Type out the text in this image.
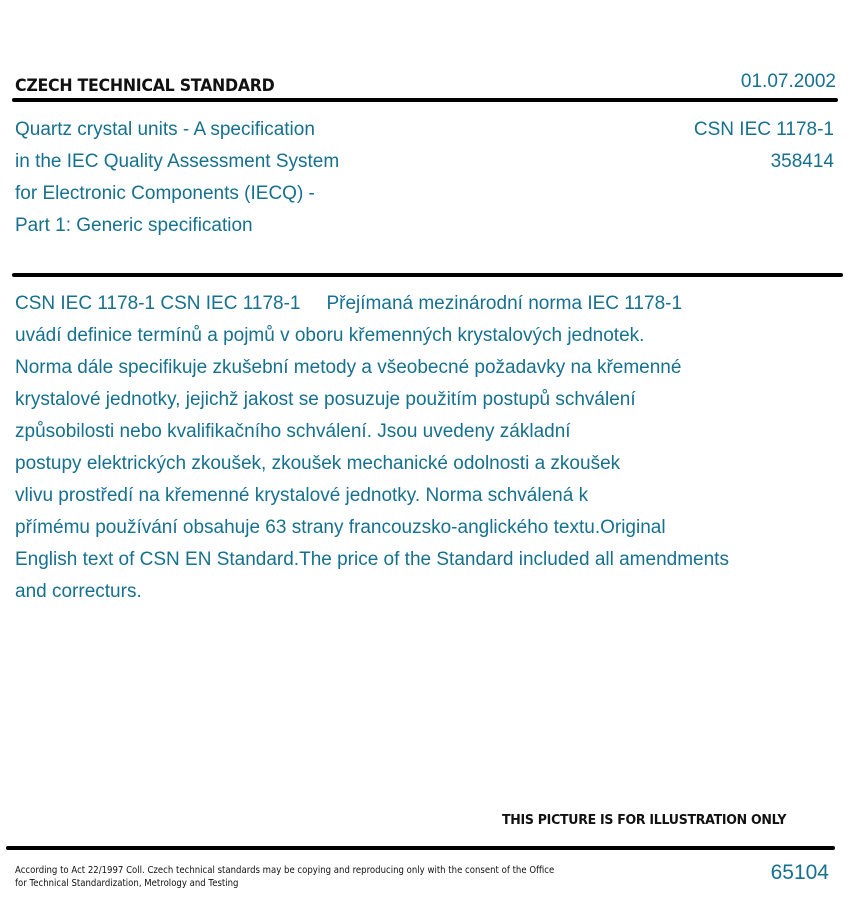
CZECH TECHNICAL STANDARD	01.07.2002
Quartz crystal units - A specification
in the IEC Quality Assessment System
for Electronic Components (IECQ) -
Part 1: Generic specification
CSN IEC 1178-1
358414
CSN IEC 1178-1 CSN IEC 1178-1 Přejímaná mezinárodní norma IEC 1178-1
uvádí definice termínů a pojmů v oboru křemenných krystalových jednotek.
Norma dále specifikuje zkušební metody a všeobecné požadavky na křemenné
krystalové jednotky, jejichž jakost se posuzuje použitím postupů schválení
způsobilosti nebo kvalifikačního schválení. Jsou uvedeny základní
postupy elektrických zkoušek, zkoušek mechanické odolnosti a zkoušek
vlivu prostředí na křemenné krystalové jednotky. Norma schválená k
přímému používání obsahuje 63 strany francouzsko-anglického textu.Original
English text of CSN EN Standard.The price of the Standard included all amendments
and correcturs.
THIS PICTURE IS FOR ILLUSTRATION ONLY
According to Act 22/1997 Coll. Czech technical standards may be copying and reproducing only with the consent of the Office
for Technical Standardization, Metrology and Testing	65104
